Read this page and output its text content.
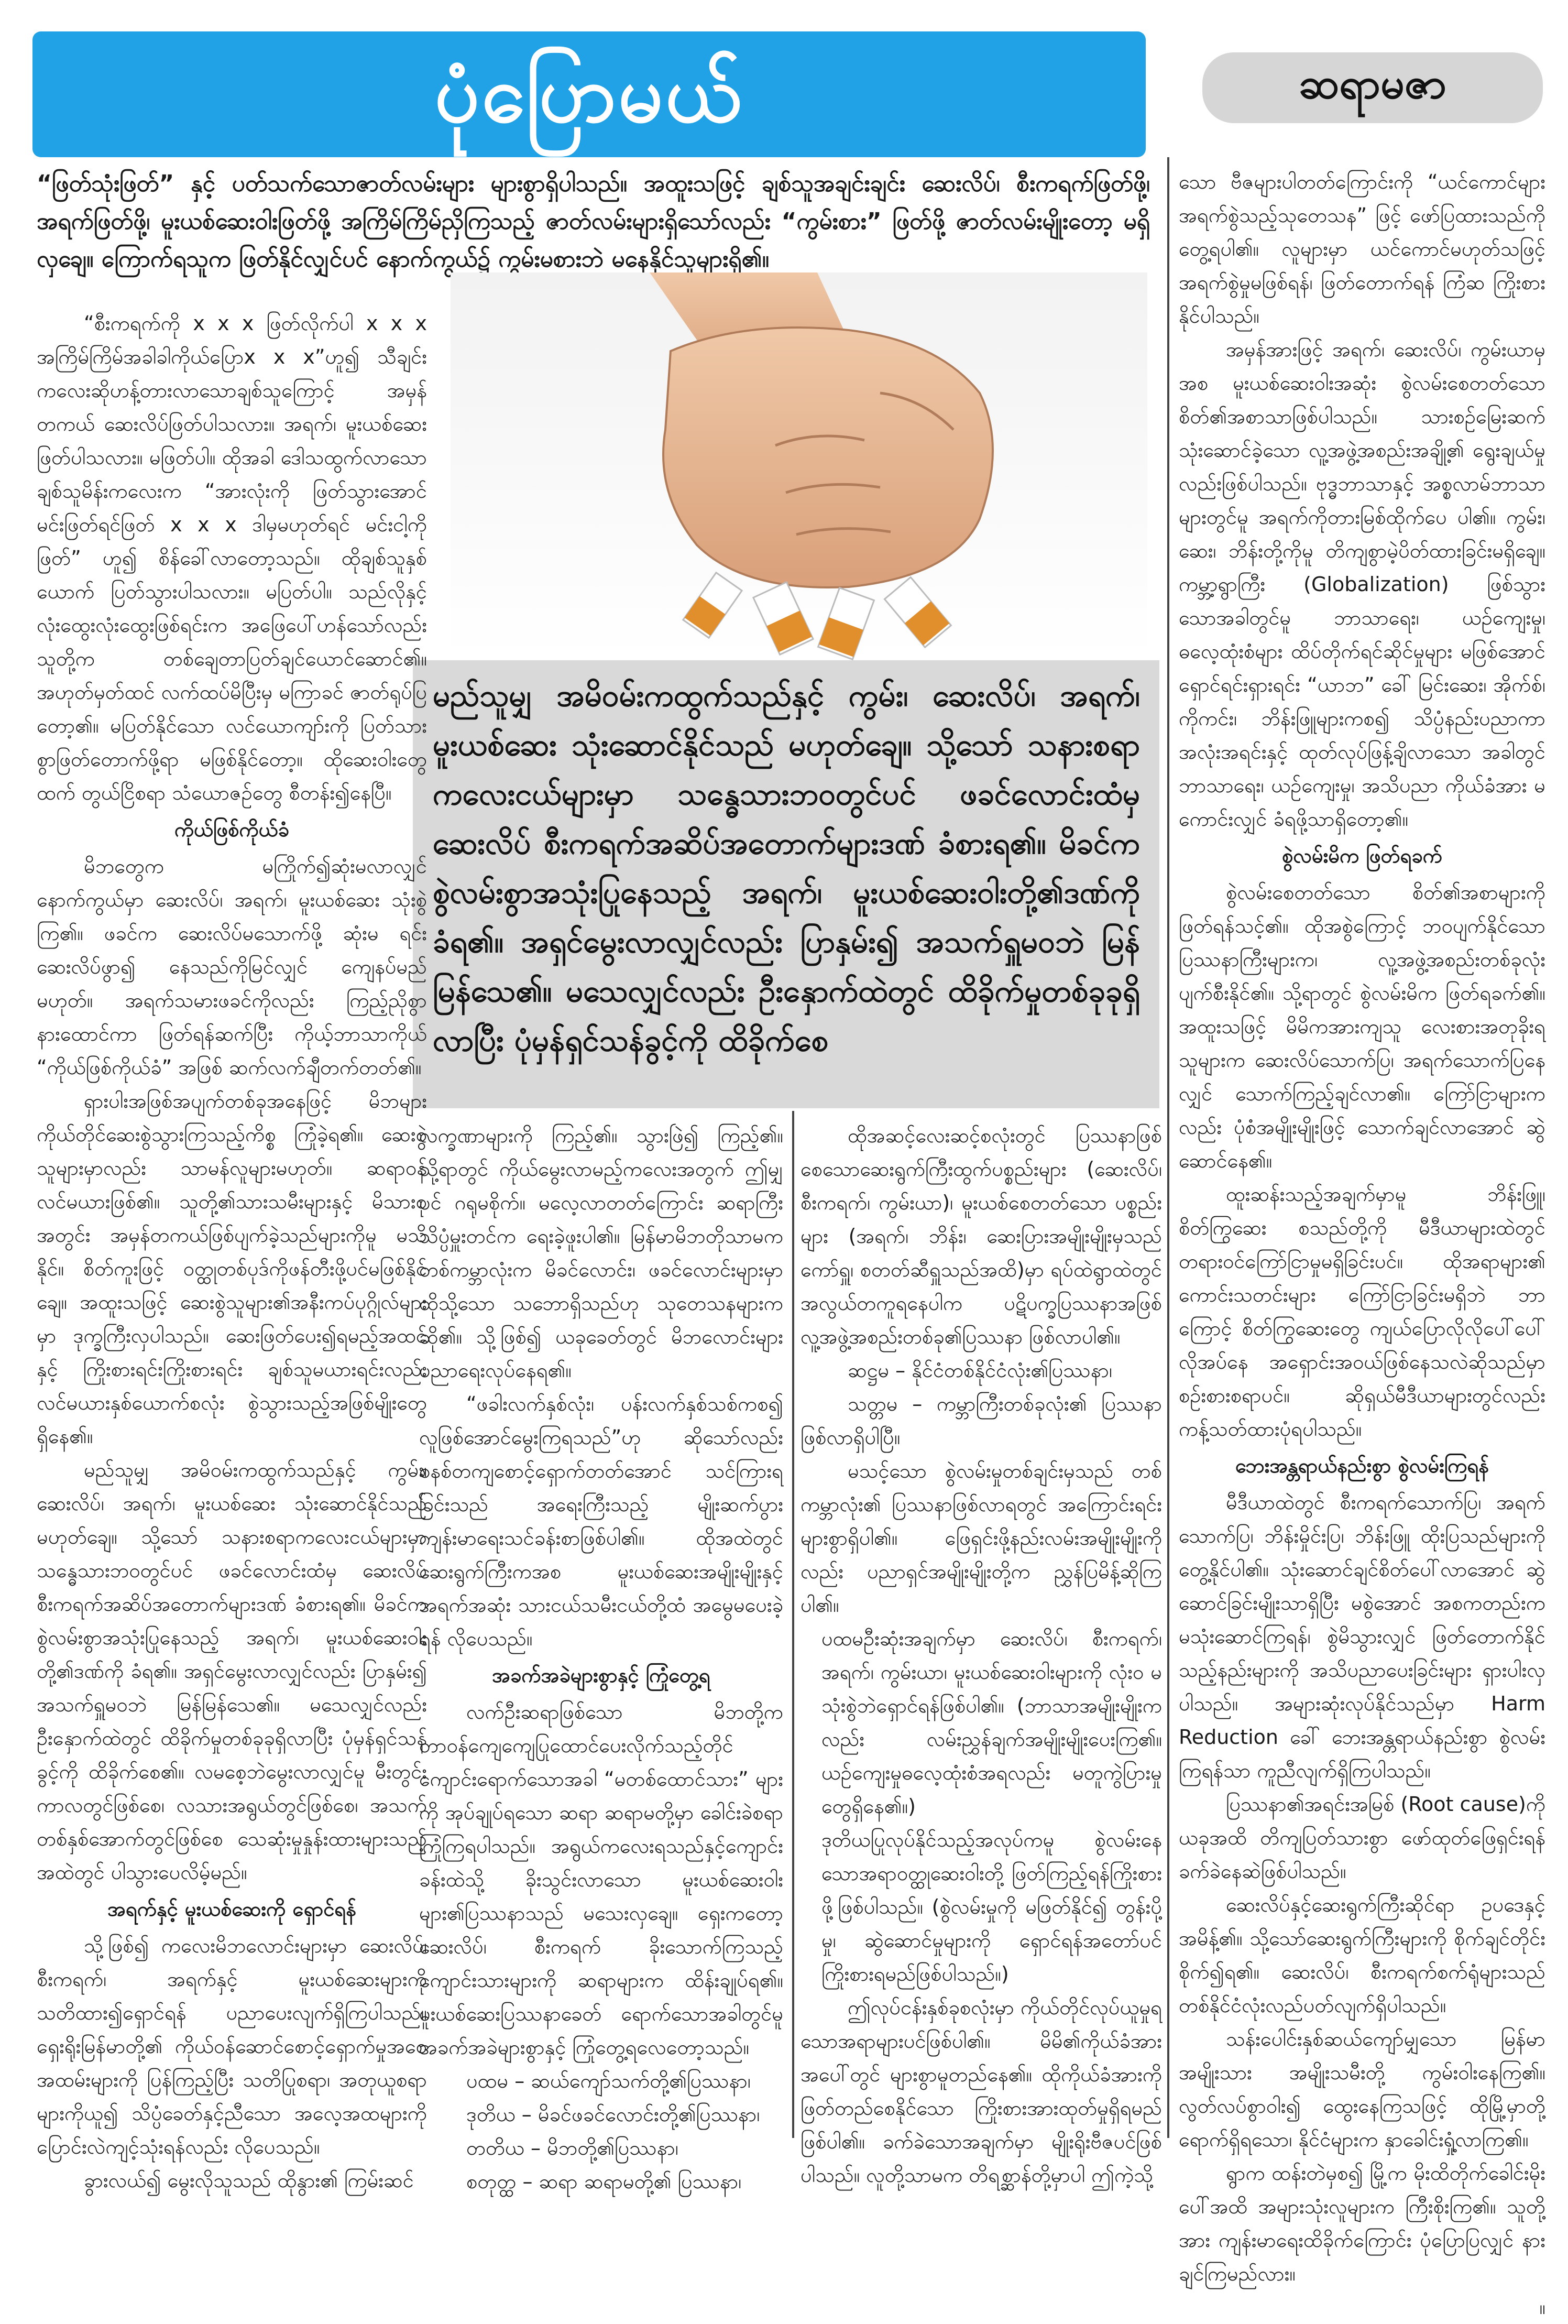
ပုံပြောမယ်	ဆရာမဇာ
“ဖြတ်သုံးဖြတ်” နှင့် ပတ်သက်သောဇာတ်လမ်းများ များစွာရှိပါသည်။ အထူးသဖြင့် ချစ်သူအချင်းချင်း ဆေးလိပ်၊ စီးကရက်ဖြတ်ဖို့၊ အရက်ဖြတ်ဖို့၊ မူးယစ်ဆေးဝါးဖြတ်ဖို့ အကြိမ်ကြိမ်ညှိကြသည့် ဇာတ်လမ်းများရှိသော်လည်း “ကွမ်းစား” ဖြတ်ဖို့ ဇာတ်လမ်းမျိုးတော့ မရှိလှချေ။ ကြောက်ရသူက ဖြတ်နိုင်လျှင်ပင် နောက်ကွယ်၌ ကွမ်းမစားဘဲ မနေနိုင်သူများရှိ၏။
မည်သူမျှ အမိဝမ်းကထွက်သည်နှင့် ကွမ်း၊ ဆေးလိပ်၊ အရက်၊ မူးယစ်ဆေး သုံးဆောင်နိုင်သည် မဟုတ်ချေ။ သို့သော် သနားစရာကလေးငယ်များမှာ သန္ဓေသားဘဝတွင်ပင် ဖခင်လောင်းထံမှ ဆေးလိပ် စီးကရက်အဆိပ်အတောက်များဒဏ် ခံစားရ၏။ မိခင်က စွဲလမ်းစွာအသုံးပြုနေသည့် အရက်၊ မူးယစ်ဆေးဝါးတို့၏ဒဏ်ကို ခံရ၏။ အရှင်မွေးလာလျှင်လည်း ပြာနှမ်း၍ အသက်ရှူမဝဘဲ မြန်မြန်သေ၏။ မသေလျှင်လည်း ဦးနှောက်ထဲတွင် ထိခိုက်မှုတစ်ခုခုရှိလာပြီး ပုံမှန်ရှင်သန်ခွင့်ကို ထိခိုက်စေ

“စီးကရက်ကို x x x ဖြတ်လိုက်ပါ x x x အကြိမ်ကြိမ်အခါခါကိုယ်ပြောx x x”ဟူ၍ သီချင်းကလေးဆိုဟန့်တားလာသောချစ်သူကြောင့် အမှန်တကယ် ဆေးလိပ်ဖြတ်ပါသလား။ အရက်၊ မူးယစ်ဆေးဖြတ်ပါသလား။ မဖြတ်ပါ။ ထိုအခါ ဒေါသထွက်လာသော ချစ်သူမိန်းကလေးက “အားလုံးကို ဖြတ်သွားအောင် မင်းဖြတ်ရင်ဖြတ် x x x ဒါမှမဟုတ်ရင် မင်းငါ့ကို ဖြတ်” ဟူ၍ စိန်ခေါ်လာတော့သည်။ ထိုချစ်သူနှစ်ယောက် ပြတ်သွားပါသလား။ မပြတ်ပါ။ သည်လိုနှင့် လုံးထွေးလုံးထွေးဖြစ်ရင်းက အဖြေပေါ်ဟန်သော်လည်း သူတို့က တစ်ချေတာပြတ်ချင်ယောင်ဆောင်၏။ အဟုတ်မှတ်ထင် လက်ထပ်မိပြီးမှ မကြာခင် ဇာတ်ရုပ်ပြတော့၏။ မပြတ်နိုင်သော လင်ယောကျာ်းကို ပြတ်သားစွာဖြတ်တောက်ဖို့ရာ မဖြစ်နိုင်တော့။ ထိုဆေးဝါးတွေထက် တွယ်ငြိစရာ သံယောဇဉ်တွေ စီတန်း၍နေပြီ။

ကိုယ်ဖြစ်ကိုယ်ခံ

မိဘတွေက မကြိုက်၍ဆုံးမလာလျှင် နောက်ကွယ်မှာ ဆေးလိပ်၊ အရက်၊ မူးယစ်ဆေး သုံးစွဲကြ၏။ ဖခင်က ဆေးလိပ်မသောက်ဖို့ ဆုံးမ ရင်း ဆေးလိပ်ဖွာ၍ နေသည်ကိုမြင်လျှင် ကျေနပ်မည်မဟုတ်။ အရက်သမားဖခင်ကိုလည်း ကြည့်ညိုစွာနားထောင်ကာ ဖြတ်ရန်ဆက်ပြီး ကိုယ့်ဘာသာကိုယ် “ကိုယ်ဖြစ်ကိုယ်ခံ” အဖြစ် ဆက်လက်ချီတက်တတ်၏။

ရှားပါးအဖြစ်အပျက်တစ်ခုအနေဖြင့် မိဘများကိုယ်တိုင်ဆေးစွဲသွားကြသည့်ကိစ္စ ကြုံခဲ့ရ၏။ ဆေးစွဲသူများမှာလည်း သာမန်လူများမဟုတ်။ ဆရာဝန်လင်မယားဖြစ်၏။ သူတို့၏သားသမီးများနှင့် မိသားစုအတွင်း အမှန်တကယ်ဖြစ်ပျက်ခဲ့သည်များကိုမူ မသိနိုင်။ စိတ်ကူးဖြင့် ဝတ္ထုတစ်ပုဒ်ကိုဖန်တီးဖို့ပင်မဖြစ်နိုင်ချေ။ အထူးသဖြင့် ဆေးစွဲသူများ၏အနီးကပ်ပုဂ္ဂိုလ်များမှာ ဒုက္ခကြီးလှပါသည်။ ဆေးဖြတ်ပေး၍ရမည့်အထင်နှင့် ကြိုးစားရင်းကြိုးစားရင်း ချစ်သူမယားရင်းလည်း လင်မယားနှစ်ယောက်စလုံး စွဲသွားသည့်အဖြစ်မျိုးတွေ ရှိနေ၏။

မည်သူမျှ အမိဝမ်းကထွက်သည်နှင့် ကွမ်း၊ ဆေးလိပ်၊ အရက်၊ မူးယစ်ဆေး သုံးဆောင်နိုင်သည် မဟုတ်ချေ။ သို့သော် သနားစရာကလေးငယ်များမှာ သန္ဓေသားဘဝတွင်ပင် ဖခင်လောင်းထံမှ ဆေးလိပ် စီးကရက်အဆိပ်အတောက်များဒဏ် ခံစားရ၏။ မိခင်က စွဲလမ်းစွာအသုံးပြုနေသည့် အရက်၊ မူးယစ်ဆေးဝါးတို့၏ဒဏ်ကို ခံရ၏။ အရှင်မွေးလာလျှင်လည်း ပြာနှမ်း၍ အသက်ရှူမဝဘဲ မြန်မြန်သေ၏။ မသေလျှင်လည်း ဦးနှောက်ထဲတွင် ထိခိုက်မှုတစ်ခုခုရှိလာပြီး ပုံမှန်ရှင်သန်ခွင့်ကို ထိခိုက်စေ၏။ လမစေ့ဘဲမွေးလာလျှင်မူ မီးတွင်းကာလတွင်ဖြစ်စေ၊ လသားအရွယ်တွင်ဖြစ်စေ၊ အသက်တစ်နှစ်အောက်တွင်ဖြစ်စေ သေဆုံးမှုနှုန်းထားများသည့် အထဲတွင် ပါသွားပေလိမ့်မည်။

အရက်နှင့် မူးယစ်ဆေးကို ရှောင်ရန်

သို့ဖြစ်၍ ကလေးမိဘလောင်းများမှာ ဆေးလိပ်၊ စီးကရက်၊ အရက်နှင့် မူးယစ်ဆေးများကို သတိထား၍ရှောင်ရန် ပညာပေးလျက်ရှိကြပါသည်။ ရှေးရိုးမြန်မာတို့၏ ကိုယ်ဝန်ဆောင်စောင့်ရှောက်မှုအစေအထမ်းများကို ပြန်ကြည့်ပြီး သတိပြုစရာ၊ အတုယူစရာများကိုယူ၍ သိပ္ပံခေတ်နှင့်ညီသော အလေ့အထများကို ပြောင်းလဲကျင့်သုံးရန်လည်း လိုပေသည်။

ခွားလယ်၍ မွေးလိုသူသည် ထိုနွား၏ ကြမ်းဆင်

လက္ခဏာများကို ကြည့်၏။ သွားဖြဲ၍ ကြည့်၏။ သို့ရာတွင် ကိုယ်မွေးလာမည့်ကလေးအတွက် ဤမျှပင် ဂရုမစိုက်။ မလေ့လာတတ်ကြောင်း ဆရာကြီးသိပ္ပံမှူးတင်က ရေးခဲ့ဖူးပါ၏။ မြန်မာမိဘတိုသာမက တစ်ကမ္ဘာလုံးက မိခင်လောင်း၊ ဖခင်လောင်းများမှာ ထိုသို့သော သဘောရှိသည်ဟု သုတေသနများက ဆို၏။ သို့ဖြစ်၍ ယခုခေတ်တွင် မိဘလောင်းများ ပညာရေးလုပ်နေရ၏။

“ဖခါးလက်နှစ်လုံး၊ ပန်းလက်နှစ်သစ်ကစ၍ လူဖြစ်အောင်မွေးကြရသည်”ဟု ဆိုသော်လည်း စနစ်တကျစောင့်ရှောက်တတ်အောင် သင်ကြားရခြင်းသည် အရေးကြီးသည့် မျိုးဆက်ပွားကျန်းမာရေးသင်ခန်းစာဖြစ်ပါ၏။ ထိုအထဲတွင် ဆေးရွက်ကြီးကအစ မူးယစ်ဆေးအမျိုးမျိုးနှင့် အရက်အဆုံး သားငယ်သမီးငယ်တို့ထံ အမွေမပေးခဲ့ရန် လိုပေသည်။

အခက်အခဲများစွာနှင့် ကြုံတွေ့ရ

လက်ဦးဆရာဖြစ်သော မိဘတို့က တာဝန်ကျေကျေပြုထောင်ပေးလိုက်သည့်တိုင် ကျောင်းရောက်သောအခါ “မတစ်ထောင်သား” များကို အုပ်ချုပ်ရသော ဆရာ ဆရာမတို့မှာ ခေါင်းခဲစရာကြုံကြရပါသည်။ အရွယ်ကလေးရသည်နှင့်ကျောင်းခန်းထဲသို့ ခိုးသွင်းလာသော မူးယစ်ဆေးဝါးများ၏ပြဿနာသည် မသေးလှချေ။ ရှေးကတော့ ဆေးလိပ်၊ စီးကရက် ခိုးသောက်ကြသည့် ကျောင်းသားများကို ဆရာများက ထိန်းချုပ်ရ၏။ မူးယစ်ဆေးပြဿနာခေတ် ရောက်သောအခါတွင်မူ အခက်အခဲများစွာနှင့် ကြုံတွေ့ရလေတော့သည်။

ပထမ – ဆယ်ကျော်သက်တို့၏ပြဿနာ၊

ဒုတိယ – မိခင်ဖခင်လောင်းတို့၏ပြဿနာ၊

တတိယ – မိဘတို့၏ပြဿနာ၊

စတုတ္ထ – ဆရာ ဆရာမတို့၏ ပြဿနာ၊

ထိုအဆင့်လေးဆင့်စလုံးတွင် ပြဿနာဖြစ်စေသောဆေးရွက်ကြီးထွက်ပစ္စည်းများ (ဆေးလိပ်၊ စီးကရက်၊ ကွမ်းယာ)၊ မူးယစ်စေတတ်သော ပစ္စည်းများ (အရက်၊ ဘိန်း၊ ဆေးပြားအမျိုးမျိုးမှသည် ကော်ရှူ၊ စတတ်ဆီရှူသည်အထိ)မှာ ရပ်ထဲရွာထဲတွင် အလွယ်တကူရနေပါက ပဋိပက္ခပြဿနာအဖြစ် လူ့အဖွဲ့အစည်းတစ်ခု၏ပြဿနာ ဖြစ်လာပါ၏။

ဆဋ္ဌမ – နိုင်ငံတစ်နိုင်ငံလုံး၏ပြဿနာ၊

သတ္တမ – ကမ္ဘာကြီးတစ်ခုလုံး၏ ပြဿနာဖြစ်လာရှိပါပြီ။

မသင့်သော စွဲလမ်းမှုတစ်ချင်းမှသည် တစ်ကမ္ဘာလုံး၏ ပြဿနာဖြစ်လာရတွင် အကြောင်းရင်းများစွာရှိပါ၏။ ဖြေရှင်းဖို့နည်းလမ်းအမျိုးမျိုးကိုလည်း ပညာရှင်အမျိုးမျိုးတို့က ညွှန်ပြမိန့်ဆိုကြပါ၏။

ပထမဦးဆုံးအချက်မှာ ဆေးလိပ်၊ စီးကရက်၊ အရက်၊ ကွမ်းယာ၊ မူးယစ်ဆေးဝါးများကို လုံးဝ မသုံးစွဲဘဲရှောင်ရန်ဖြစ်ပါ၏။ (ဘာသာအမျိုးမျိုးကလည်း လမ်းညွှန်ချက်အမျိုးမျိုးပေးကြ၏။ ယဉ်ကျေးမှုဓလေ့ထုံးစံအရလည်း မတူကွဲပြားမှုတွေရှိနေ၏။)

ဒုတိယပြုလုပ်နိုင်သည့်အလုပ်ကမူ စွဲလမ်းနေသောအရာဝတ္ထုဆေးဝါးတို့ ဖြတ်ကြည့်ရန်ကြိုးစားဖို့ဖြစ်ပါသည်။ (စွဲလမ်းမှုကို မဖြတ်နိုင်၍ တွန်းပို့မှု၊ ဆွဲဆောင်မှုများကို ရှောင်ရန်အတော်ပင် ကြိုးစားရမည်ဖြစ်ပါသည်။)

ဤလုပ်ငန်းနှစ်ခုစလုံးမှာ ကိုယ်တိုင်လုပ်ယူမှုရသောအရာများပင်ဖြစ်ပါ၏။ မိမိ၏ကိုယ်ခံအား အပေါ်တွင် များစွာမူတည်နေ၏။ ထိုကိုယ်ခံအားကိုဖြတ်တည်စေနိုင်သော ကြိုးစားအားထုတ်မှုရှိရမည်ဖြစ်ပါ၏။ ခက်ခဲသောအချက်မှာ မျိုးရိုးဗီဇပင်ဖြစ်ပါသည်။ လူတို့သာမက တိရစ္ဆာန်တို့မှာပါ ဤကဲ့သို့

သော ဗီဇများပါတတ်ကြောင်းကို “ယင်ကောင်များ အရက်စွဲသည့်သုတေသန” ဖြင့် ဖော်ပြထားသည်ကို တွေ့ရပါ၏။ လူများမှာ ယင်ကောင်မဟုတ်သဖြင့် အရက်စွဲမှုမဖြစ်ရန်၊ ဖြတ်တောက်ရန် ကြံဆ ကြိုးစားနိုင်ပါသည်။

အမှန်အားဖြင့် အရက်၊ ဆေးလိပ်၊ ကွမ်းယာမှ အစ မူးယစ်ဆေးဝါးအဆုံး စွဲလမ်းစေတတ်သော စိတ်၏အစာသာဖြစ်ပါသည်။ သားစဉ်မြေးဆက် သုံးဆောင်ခဲ့သော လူ့အဖွဲ့အစည်းအချို့၏ ရွေးချယ်မှုလည်းဖြစ်ပါသည်။ ဗုဒ္ဓဘာသာနှင့် အစ္စလာမ်ဘာသာများတွင်မူ အရက်ကိုတားမြစ်ထိုက်ပေ ပါ၏။ ကွမ်း၊ ဆေး၊ ဘိန်းတို့ကိုမူ တိကျစွာမဲ့ပိတ်ထားခြင်းမရှိချေ။ ကမ္ဘာ့ရွာကြီး (Globalization) ဖြစ်သွားသောအခါတွင်မူ ဘာသာရေး၊ ယဉ်ကျေးမှု၊ ဓလေ့ထုံးစံများ ထိပ်တိုက်ရင်ဆိုင်မှုများ မဖြစ်အောင် ရှောင်ရင်းရှားရင်း “ယာဘ” ခေါ် မြင်းဆေး၊ အိုက်စ်၊ ကိုကင်း၊ ဘိန်းဖြူများကစ၍ သိပ္ပံနည်းပညာကာ အလုံးအရင်းနှင့် ထုတ်လုပ်ဖြန့်ချိလာသော အခါတွင် ဘာသာရေး၊ ယဉ်ကျေးမှု၊ အသိပညာ ကိုယ်ခံအား မကောင်းလျှင် ခံရဖို့သာရှိတော့၏။

စွဲလမ်းမိက ဖြတ်ရခက်

စွဲလမ်းစေတတ်သော စိတ်၏အစာများကို ဖြတ်ရန်သင့်၏။ ထိုအစွဲကြောင့် ဘဝပျက်နိုင်သောပြဿနာကြီးများက၊ လူ့အဖွဲ့အစည်းတစ်ခုလုံး ပျက်စီးနိုင်၏။ သို့ရာတွင် စွဲလမ်းမိက ဖြတ်ရခက်၏။ အထူးသဖြင့် မိမိကအားကျသူ လေးစားအတုခိုးရသူများက ဆေးလိပ်သောက်ပြ၊ အရက်သောက်ပြနေလျှင် သောက်ကြည့်ချင်လာ၏။ ကြော်ငြာများကလည်း ပုံစံအမျိုးမျိုးဖြင့် သောက်ချင်လာအောင် ဆွဲဆောင်နေ၏။

ထူးဆန်းသည့်အချက်မှာမူ ဘိန်းဖြူ၊ စိတ်ကြွဆေး စသည်တို့ကို မီဒီယာများထဲတွင် တရားဝင်ကြော်ငြာမှုမရှိခြင်းပင်။ ထိုအရာများ၏ ကောင်းသတင်းများ ကြော်ငြာခြင်းမရှိဘဲ ဘာကြောင့် စိတ်ကြွဆေးတွေ ကျယ်ပြောလိုလိုပေါ်ပေါ်လိုအပ်နေ အရှောင်းအဝယ်ဖြစ်နေသလဲဆိုသည်မှာ စဉ်းစားစရာပင်။ ဆိုရှယ်မီဒီယာများတွင်လည်း ကန့်သတ်ထားပုံရပါသည်။

ဘေးအန္တရာယ်နည်းစွာ စွဲလမ်းကြရန်

မီဒီယာထဲတွင် စီးကရက်သောက်ပြ၊ အရက်သောက်ပြ၊ ဘိန်းမှိုင်းပြ၊ ဘိန်းဖြူ ထိုးပြသည်များကို တွေ့နိုင်ပါ၏။ သုံးဆောင်ချင်စိတ်ပေါ်လာအောင် ဆွဲဆောင်ခြင်းမျိုးသာရှိပြီး မစွဲအောင် အစကတည်းက မသုံးဆောင်ကြရန်၊ စွဲမိသွားလျှင် ဖြတ်တောက်နိုင်သည့်နည်းများကို အသိပညာပေးခြင်းများ ရှားပါးလှပါသည်။ အများဆုံးလုပ်နိုင်သည်မှာ Harm Reduction ခေါ် ဘေးအန္တရာယ်နည်းစွာ စွဲလမ်းကြရန်သာ ကူညီလျက်ရှိကြပါသည်။

ပြဿနာ၏အရင်းအမြစ် (Root cause)ကို ယခုအထိ တိကျပြတ်သားစွာ ဖော်ထုတ်ဖြေရှင်းရန် ခက်ခဲနေဆဲဖြစ်ပါသည်။

ဆေးလိပ်နှင့်ဆေးရွက်ကြီးဆိုင်ရာ ဥပဒေနှင့် အမိန့်၏။ သို့သော်ဆေးရွက်ကြီးများကို စိုက်ချင်တိုင်း စိုက်၍ရ၏။ ဆေးလိပ်၊ စီးကရက်စက်ရုံများသည် တစ်နိုင်ငံလုံးလည်ပတ်လျက်ရှိပါသည်။

သန်းပေါင်းနှစ်ဆယ်ကျော်မျှသော မြန်မာအမျိုးသား အမျိုးသမီးတို့ ကွမ်းဝါးနေကြ၏။ လွတ်လပ်စွာဝါး၍ ထွေးနေကြသဖြင့် ထိုမြို့မှာတို့ ရောက်ရှိရသော၊ နိုင်ငံများက နှာခေါင်းရှုံ့လာကြ၏။

ရွာက ထန်းတဲမှစ၍ မြို့က မိုးထိတိုက်ခေါင်းမိုးပေါ်အထိ အများသုံးလူများက ကြီးစိုးကြ၏။ သူတို့အား ကျန်းမာရေးထိခိုက်ကြောင်း ပုံပြောပြလျှင် နားချင်ကြမည်လား။

။
